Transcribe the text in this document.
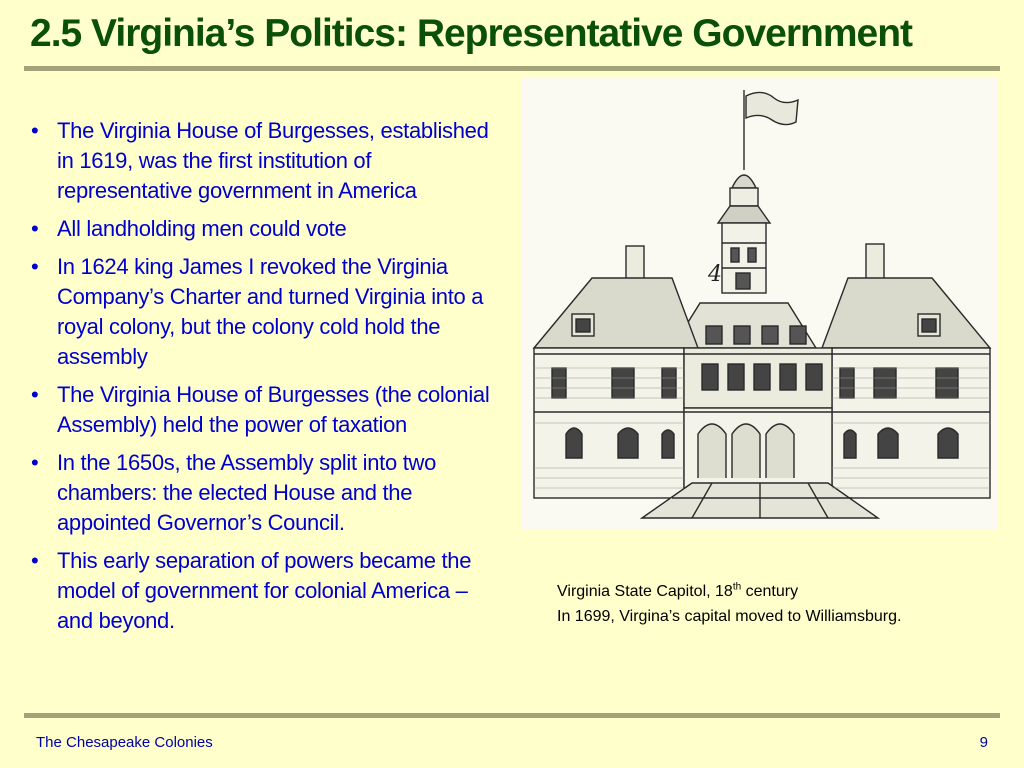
2.5 Virginia’s Politics: Representative Government
• The Virginia House of Burgesses, established in 1619, was the first institution of representative government in America
• All landholding men could vote
• In 1624 king James I revoked the Virginia Company’s Charter and turned Virginia into a royal colony, but the colony cold hold the assembly
• The Virginia House of Burgesses (the colonial Assembly) held the power of taxation
• In the 1650s, the Assembly split into two chambers: the elected House and the appointed Governor’s Council.
• This early separation of powers became the model of government for colonial America – and beyond.
4
Virginia State Capitol, 18th century
In 1699, Virgina’s capital moved to Williamsburg.
The Chesapeake Colonies	9
